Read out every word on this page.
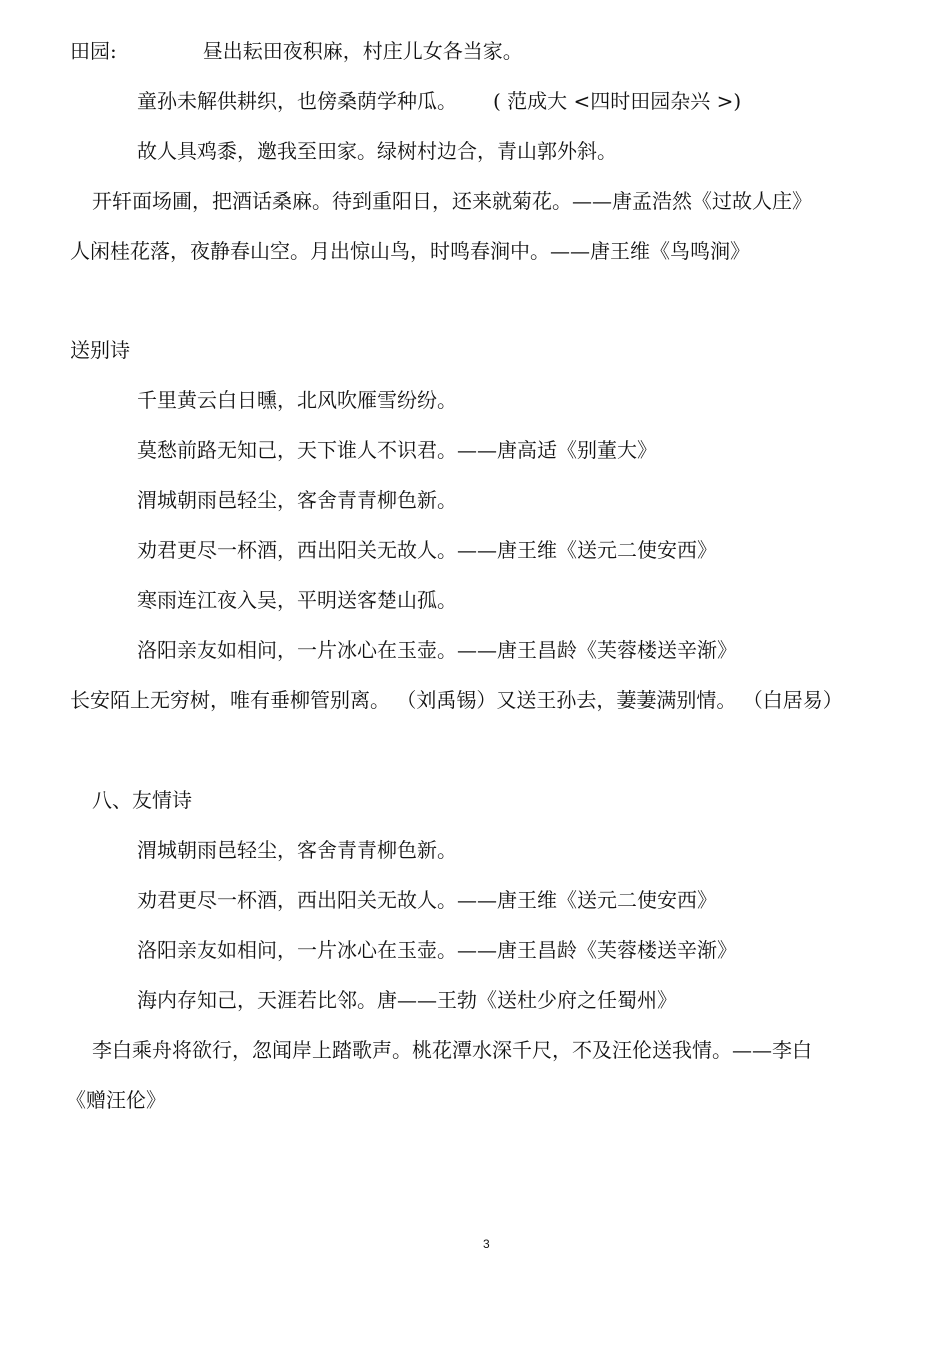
田园:	昼出耘田夜积麻，村庄儿女各当家。
童孙未解供耕织，也傍桑荫学种瓜。 ( 范成大 <四时田园杂兴 >)
故人具鸡黍，邀我至田家。绿树村边合，青山郭外斜。
开轩面场圃，把酒话桑麻。待到重阳日，还来就菊花。——唐孟浩然《过故人庄》
人闲桂花落，夜静春山空。月出惊山鸟，时鸣春涧中。——唐王维《鸟鸣涧》
送别诗
千里黄云白日曛，北风吹雁雪纷纷。
莫愁前路无知己，天下谁人不识君。——唐高适《别董大》
渭城朝雨邑轻尘，客舍青青柳色新。
劝君更尽一杯酒，西出阳关无故人。——唐王维《送元二使安西》
寒雨连江夜入吴，平明送客楚山孤。
洛阳亲友如相问，一片冰心在玉壶。——唐王昌龄《芙蓉楼送辛渐》
长安陌上无穷树，唯有垂柳管别离。 （刘禹锡）又送王孙去，萋萋满别情。 （白居易）
八、友情诗
渭城朝雨邑轻尘，客舍青青柳色新。
劝君更尽一杯酒，西出阳关无故人。——唐王维《送元二使安西》
洛阳亲友如相问，一片冰心在玉壶。——唐王昌龄《芙蓉楼送辛渐》
海内存知己，天涯若比邻。唐——王勃《送杜少府之任蜀州》
李白乘舟将欲行，忽闻岸上踏歌声。桃花潭水深千尺，不及汪伦送我情。——李白
《赠汪伦》
3
